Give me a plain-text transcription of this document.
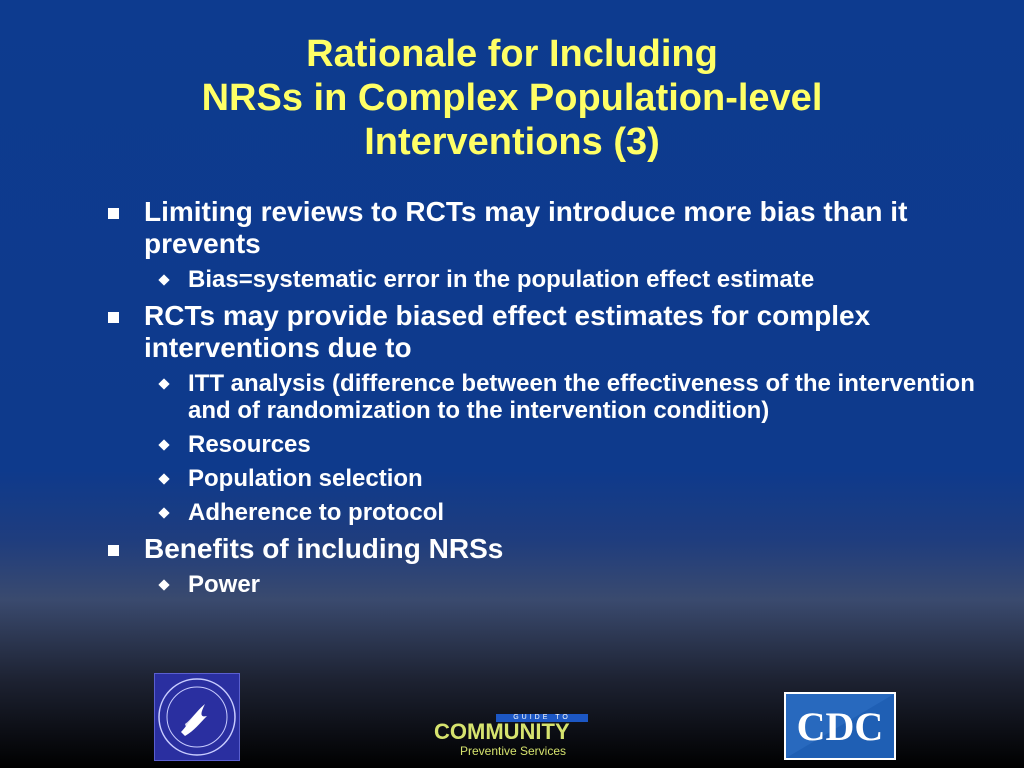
Rationale for Including
NRSs in Complex Population-level
Interventions (3)
Limiting reviews to RCTs may introduce more bias than it prevents
Bias=systematic error in the population effect estimate
RCTs may provide biased effect estimates for complex interventions due to
ITT analysis (difference between the effectiveness of the intervention and of randomization to the intervention condition)
Resources
Population selection
Adherence to protocol
Benefits of including NRSs
Power
GUIDE TO
COMMUNITY
Preventive Services
CDC
